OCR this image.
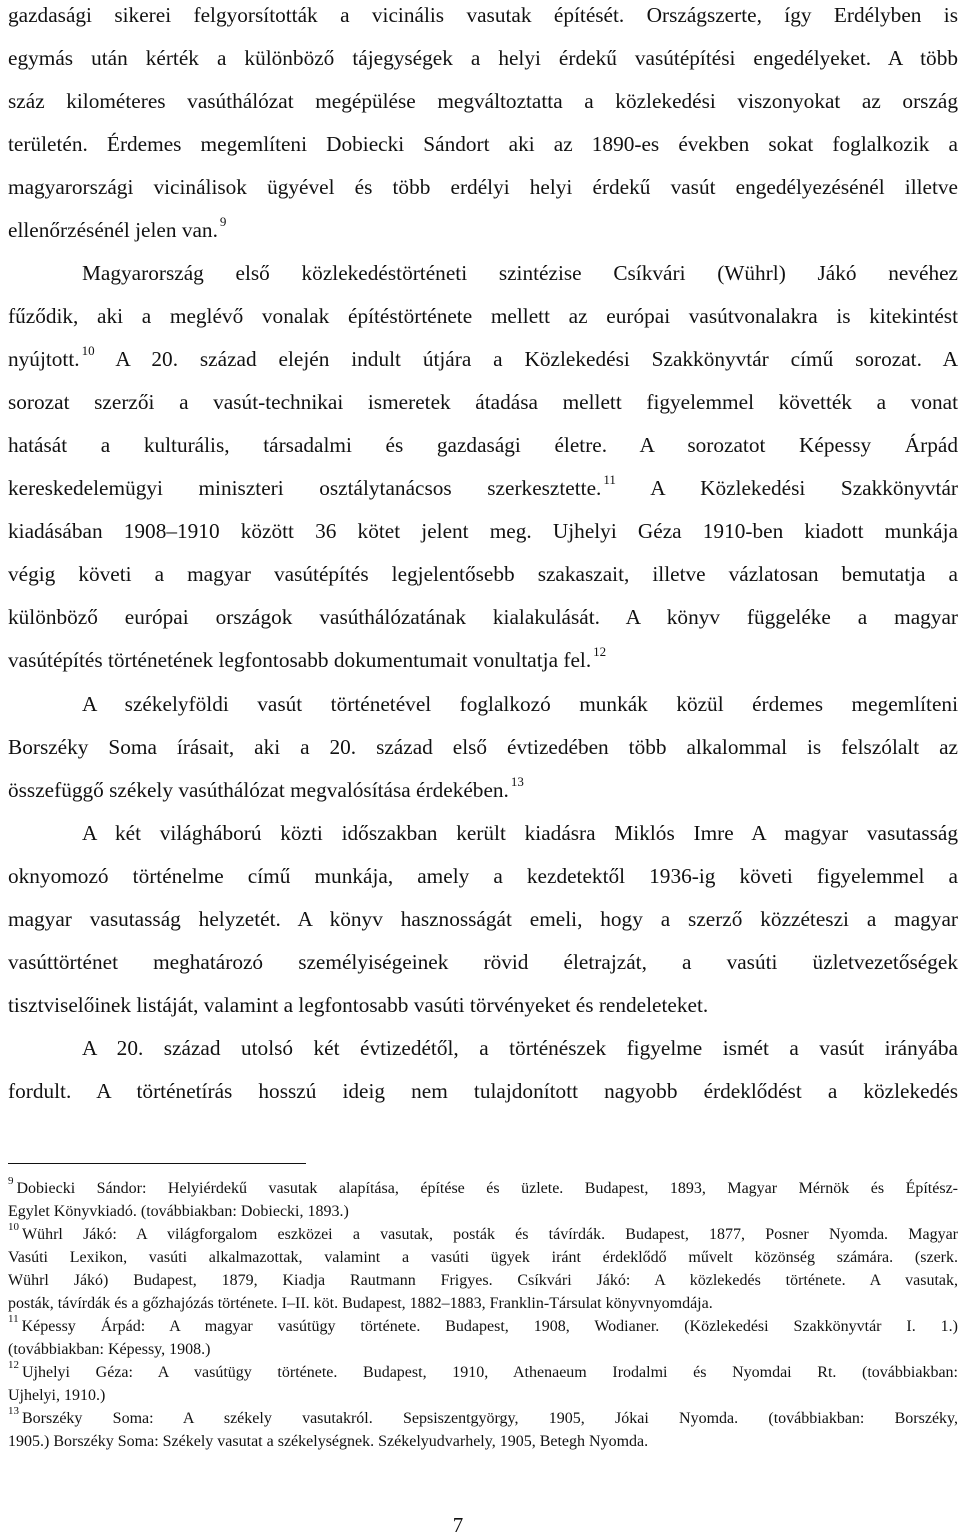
gazdasági sikerei felgyorsították a vicinális vasutak építését. Országszerte, így Erdélyben is
egymás után kérték a különböző tájegységek a helyi érdekű vasútépítési engedélyeket. A több
száz kilométeres vasúthálózat megépülése megváltoztatta a közlekedési viszonyokat az ország
területén. Érdemes megemlíteni Dobiecki Sándort aki az 1890-es években sokat foglalkozik a
magyarországi vicinálisok ügyével és több erdélyi helyi érdekű vasút engedélyezésénél illetve
ellenőrzésénél jelen van. $^9$
Magyarország első közlekedéstörténeti szintézise Csíkvári (Wührl) Jákó nevéhez
fűződik, aki a meglévő vonalak építéstörténete mellett az európai vasútvonalakra is kitekintést
nyújtott. $^{10}$ A 20. század elején indult útjára a Közlekedési Szakkönyvtár című sorozat. A
sorozat szerzői a vasút-technikai ismeretek átadása mellett figyelemmel követték a vonat
hatását a kulturális, társadalmi és gazdasági életre. A sorozatot Képessy Árpád
kereskedelemügyi miniszteri osztálytanácsos szerkesztette. $^{11}$ A Közlekedési Szakkönyvtár
kiadásában 1908‒1910 között 36 kötet jelent meg. Ujhelyi Géza 1910-ben kiadott munkája
végig követi a magyar vasútépítés legjelentősebb szakaszait, illetve vázlatosan bemutatja a
különböző európai országok vasúthálózatának kialakulását. A könyv függeléke a magyar
vasútépítés történetének legfontosabb dokumentumait vonultatja fel. $^{12}$
A székelyföldi vasút történetével foglalkozó munkák közül érdemes megemlíteni
Borszéky Soma írásait, aki a 20. század első évtizedében több alkalommal is felszólalt az
összefüggő székely vasúthálózat megvalósítása érdekében. $^{13}$
A két világháború közti időszakban került kiadásra Miklós Imre A magyar vasutasság
oknyomozó történelme című munkája, amely a kezdetektől 1936-ig követi figyelemmel a
magyar vasutasság helyzetét. A könyv hasznosságát emeli, hogy a szerző közzéteszi a magyar
vasúttörténet meghatározó személyiségeinek rövid életrajzát, a vasúti üzletvezetőségek
tisztviselőinek listáját, valamint a legfontosabb vasúti törvényeket és rendeleteket.
A 20. század utolsó két évtizedétől, a történészek figyelme ismét a vasút irányába
fordult. A történetírás hosszú ideig nem tulajdonított nagyobb érdeklődést a közlekedés
$^9$ Dobiecki Sándor: Helyiérdekű vasutak alapítása, építése és üzlete. Budapest, 1893, Magyar Mérnök és Építész-
Egylet Könyvkiadó. (továbbiakban: Dobiecki, 1893.)
$^{10}$ Wührl Jákó: A világforgalom eszközei a vasutak, posták és távírdák. Budapest, 1877, Posner Nyomda. Magyar
Vasúti Lexikon, vasúti alkalmazottak, valamint a vasúti ügyek iránt érdeklődő művelt közönség számára. (szerk.
Wührl Jákó) Budapest, 1879, Kiadja Rautmann Frigyes. Csíkvári Jákó: A közlekedés története. A vasutak,
posták, távírdák és a gőzhajózás története. I‒II. köt. Budapest, 1882‒1883, Franklin-Társulat könyvnyomdája.
$^{11}$ Képessy Árpád: A magyar vasútügy története. Budapest, 1908, Wodianer. (Közlekedési Szakkönyvtár I. 1.)
(továbbiakban: Képessy, 1908.)
$^{12}$ Ujhelyi Géza: A vasútügy története. Budapest, 1910, Athenaeum Irodalmi és Nyomdai Rt. (továbbiakban:
Ujhelyi, 1910.)
$^{13}$ Borszéky Soma: A székely vasutakról. Sepsiszentgyörgy, 1905, Jókai Nyomda. (továbbiakban: Borszéky,
1905.) Borszéky Soma: Székely vasutat a székelységnek. Székelyudvarhely, 1905, Betegh Nyomda.
7
